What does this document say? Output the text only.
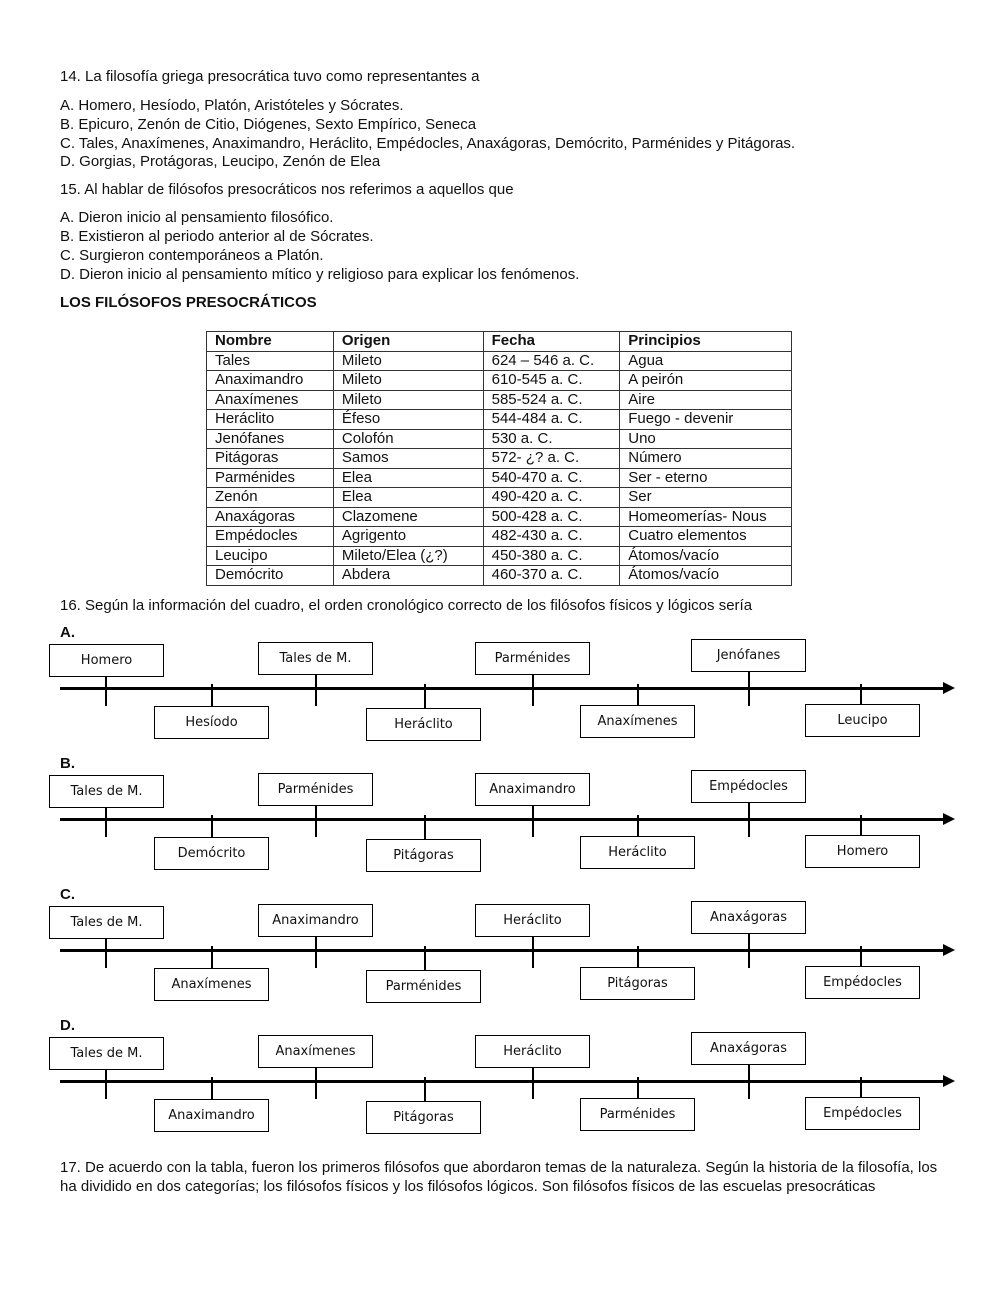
14. La filosofía griega presocrática tuvo como representantes a
A. Homero, Hesíodo, Platón, Aristóteles y Sócrates.
B. Epicuro, Zenón de Citio, Diógenes, Sexto Empírico, Seneca
C. Tales, Anaxímenes, Anaximandro, Heráclito, Empédocles, Anaxágoras, Demócrito, Parménides y Pitágoras.
D. Gorgias, Protágoras, Leucipo, Zenón de Elea
15. Al hablar de filósofos presocráticos nos referimos a aquellos que
A. Dieron inicio al pensamiento filosófico.
B. Existieron al periodo anterior al de Sócrates.
C. Surgieron contemporáneos a Platón.
D. Dieron inicio al pensamiento mítico y religioso para explicar los fenómenos.
LOS FILÓSOFOS PRESOCRÁTICOS
Nombre	Origen	Fecha	Principios
Tales	Mileto	624 – 546 a. C.	Agua
Anaximandro	Mileto	610-545 a. C.	A peirón
Anaxímenes	Mileto	585-524 a. C.	Aire
Heráclito	Éfeso	544-484 a. C.	Fuego - devenir
Jenófanes	Colofón	530 a. C.	Uno
Pitágoras	Samos	572- ¿? a. C.	Número
Parménides	Elea	540-470 a. C.	Ser - eterno
Zenón	Elea	490-420 a. C.	Ser
Anaxágoras	Clazomene	500-428 a. C.	Homeomerías- Nous
Empédocles	Agrigento	482-430 a. C.	Cuatro elementos
Leucipo	Mileto/Elea (¿?)	450-380 a. C.	Átomos/vacío
Demócrito	Abdera	460-370 a. C.	Átomos/vacío
16. Según la información del cuadro, el orden cronológico correcto de los filósofos físicos y lógicos sería
A.
Homero
Hesíodo
Tales de M.
Heráclito
Parménides
Anaxímenes
Jenófanes
Leucipo
B.
Tales de M.
Demócrito
Parménides
Pitágoras
Anaximandro
Heráclito
Empédocles
Homero
C.
Tales de M.
Anaxímenes
Anaximandro
Parménides
Heráclito
Pitágoras
Anaxágoras
Empédocles
D.
Tales de M.
Anaximandro
Anaxímenes
Pitágoras
Heráclito
Parménides
Anaxágoras
Empédocles
17. De acuerdo con la tabla, fueron los primeros filósofos que abordaron temas de la naturaleza. Según la historia de la filosofía, los ha dividido en dos categorías; los filósofos físicos y los filósofos lógicos. Son filósofos físicos de las escuelas presocráticas
